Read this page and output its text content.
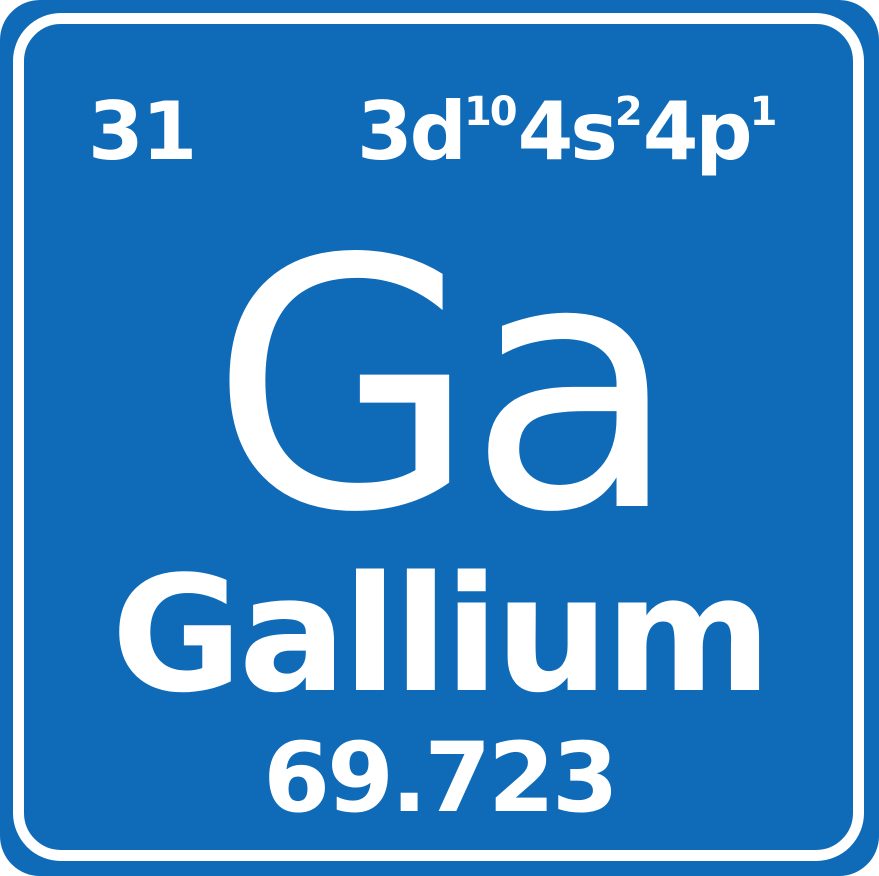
31 3d104s24p1
Ga
Gallium
69.723
